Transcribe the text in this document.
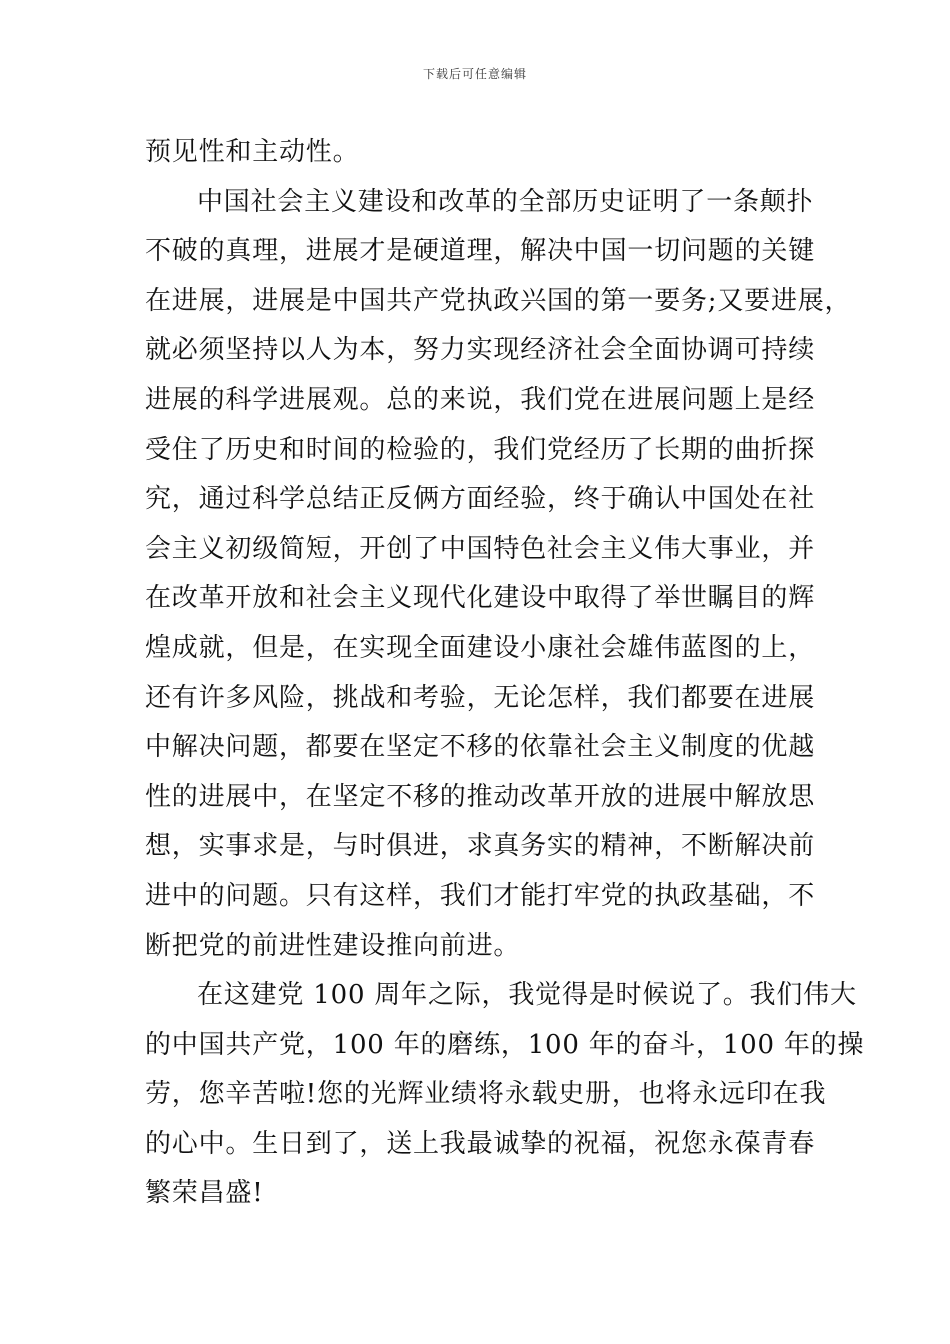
下载后可任意编辑
预见性和主动性。
中国社会主义建设和改革的全部历史证明了一条颠扑
不破的真理，进展才是硬道理，解决中国一切问题的关键
在进展，进展是中国共产党执政兴国的第一要务;又要进展，
就必须坚持以人为本，努力实现经济社会全面协调可持续
进展的科学进展观。总的来说，我们党在进展问题上是经
受住了历史和时间的检验的，我们党经历了长期的曲折探
究，通过科学总结正反俩方面经验，终于确认中国处在社
会主义初级简短，开创了中国特色社会主义伟大事业，并
在改革开放和社会主义现代化建设中取得了举世瞩目的辉
煌成就，但是，在实现全面建设小康社会雄伟蓝图的上，
还有许多风险，挑战和考验，无论怎样，我们都要在进展
中解决问题，都要在坚定不移的依靠社会主义制度的优越
性的进展中，在坚定不移的推动改革开放的进展中解放思
想，实事求是，与时俱进，求真务实的精神，不断解决前
进中的问题。只有这样，我们才能打牢党的执政基础，不
断把党的前进性建设推向前进。
在这建党 100 周年之际，我觉得是时候说了。我们伟大
的中国共产党，100 年的磨练，100 年的奋斗，100 年的操
劳，您辛苦啦!您的光辉业绩将永载史册，也将永远印在我
的心中。生日到了，送上我最诚挚的祝福，祝您永葆青春
繁荣昌盛!
